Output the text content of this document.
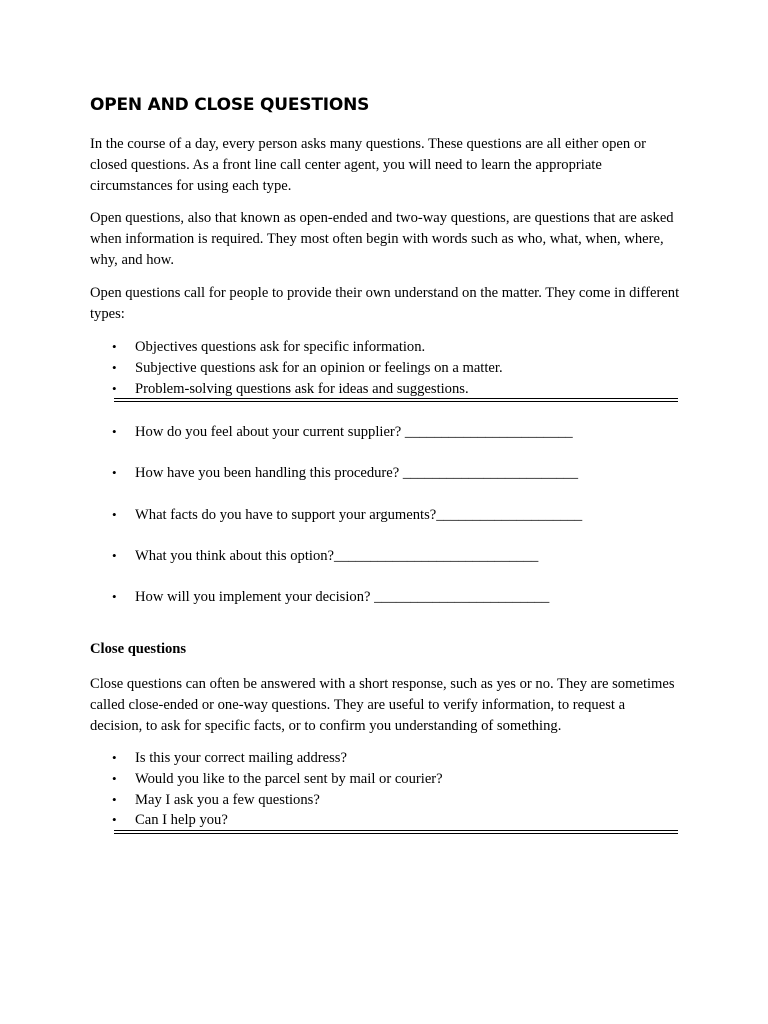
OPEN AND CLOSE QUESTIONS

In the course of a day, every person asks many questions. These questions are all either open or closed questions. As a front line call center agent, you will need to learn the appropriate circumstances for using each type.

Open questions, also that known as open-ended and two-way questions, are questions that are asked when information is required. They most often begin with words such as who, what, when, where, why, and how.

Open questions call for people to provide their own understand on the matter. They come in different types:

• Objectives questions ask for specific information.
• Subjective questions ask for an opinion or feelings on a matter.
• Problem-solving questions ask for ideas and suggestions.
• How do you feel about your current supplier? _______________________
• How have you been handling this procedure? ________________________
• What facts do you have to support your arguments?____________________
• What you think about this option?____________________________
• How will you implement your decision? ________________________
Close questions

Close questions can often be answered with a short response, such as yes or no. They are sometimes called close-ended or one-way questions. They are useful to verify information, to request a decision, to ask for specific facts, or to confirm you understanding of something.

• Is this your correct mailing address?
• Would you like to the parcel sent by mail or courier?
• May I ask you a few questions?
• Can I help you?
